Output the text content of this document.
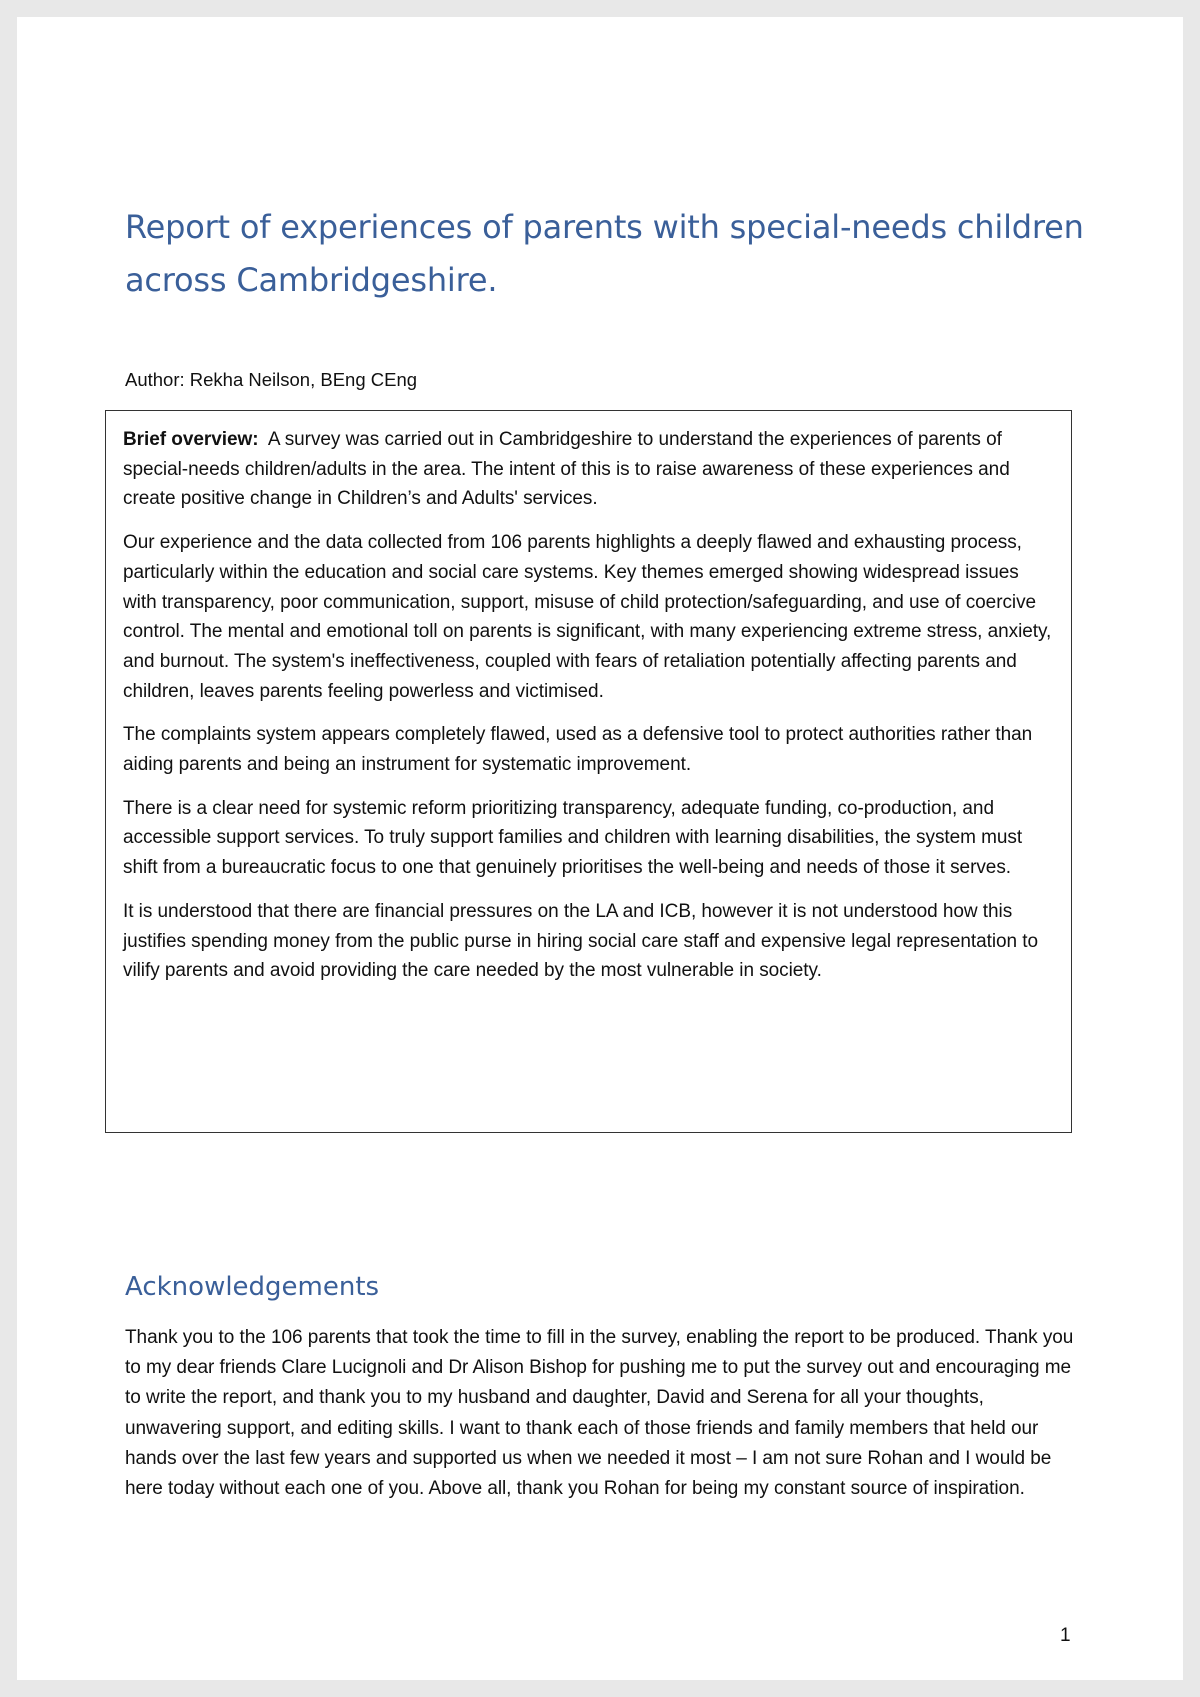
Report of experiences of parents with special-needs children across Cambridgeshire.

Author: Rekha Neilson, BEng CEng

Brief overview: A survey was carried out in Cambridgeshire to understand the experiences of parents of special-needs children/adults in the area. The intent of this is to raise awareness of these experiences and create positive change in Children’s and Adults' services.

Our experience and the data collected from 106 parents highlights a deeply flawed and exhausting process, particularly within the education and social care systems. Key themes emerged showing widespread issues with transparency, poor communication, support, misuse of child protection/safeguarding, and use of coercive control. The mental and emotional toll on parents is significant, with many experiencing extreme stress, anxiety, and burnout. The system's ineffectiveness, coupled with fears of retaliation potentially affecting parents and children, leaves parents feeling powerless and victimised.

The complaints system appears completely flawed, used as a defensive tool to protect authorities rather than aiding parents and being an instrument for systematic improvement.

There is a clear need for systemic reform prioritizing transparency, adequate funding, co-production, and accessible support services. To truly support families and children with learning disabilities, the system must shift from a bureaucratic focus to one that genuinely prioritises the well-being and needs of those it serves.

It is understood that there are financial pressures on the LA and ICB, however it is not understood how this justifies spending money from the public purse in hiring social care staff and expensive legal representation to vilify parents and avoid providing the care needed by the most vulnerable in society.

Acknowledgements

Thank you to the 106 parents that took the time to fill in the survey, enabling the report to be produced. Thank you to my dear friends Clare Lucignoli and Dr Alison Bishop for pushing me to put the survey out and encouraging me to write the report, and thank you to my husband and daughter, David and Serena for all your thoughts, unwavering support, and editing skills. I want to thank each of those friends and family members that held our hands over the last few years and supported us when we needed it most – I am not sure Rohan and I would be here today without each one of you. Above all, thank you Rohan for being my constant source of inspiration.

1
